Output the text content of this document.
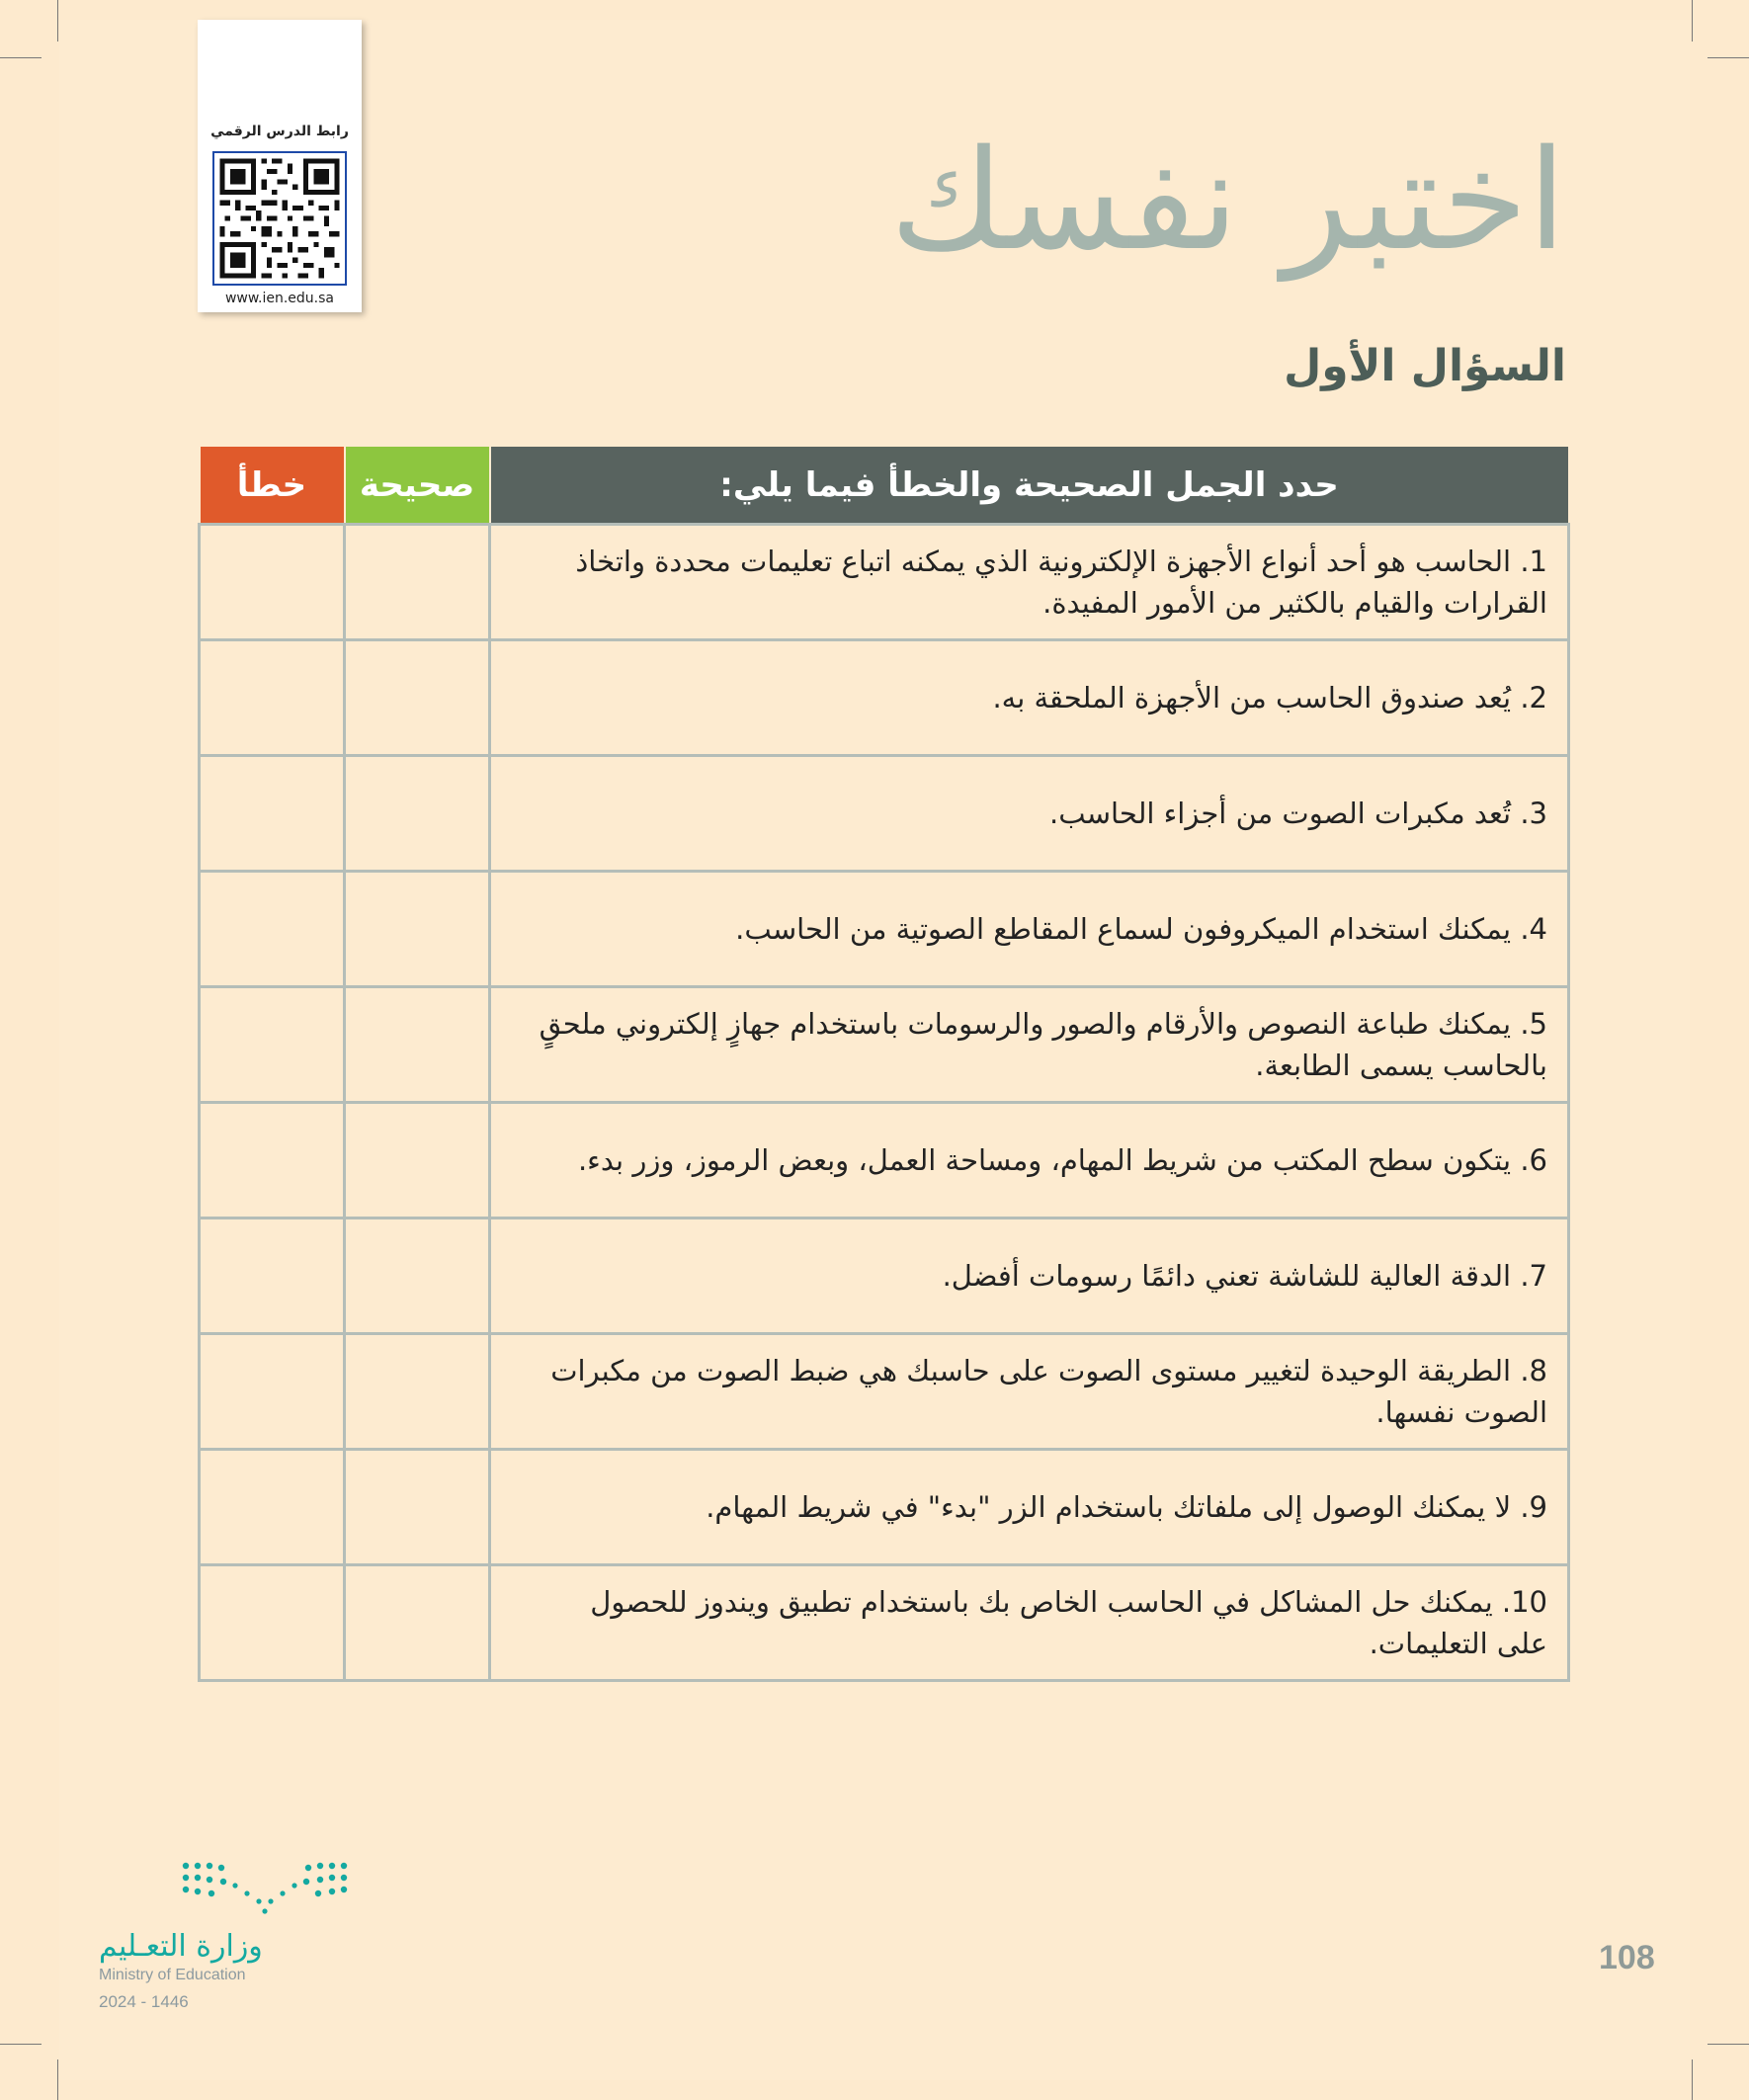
رابط الدرس الرقمي
www.ien.edu.sa
اختبر نفسك
السؤال الأول
حدد الجمل الصحيحة والخطأ فيما يلي:	صحيحة	خطأ
1. الحاسب هو أحد أنواع الأجهزة الإلكترونية الذي يمكنه اتباع تعليمات محددة واتخاذ القرارات والقيام بالكثير من الأمور المفيدة.		
2. يُعد صندوق الحاسب من الأجهزة الملحقة به.		
3. تُعد مكبرات الصوت من أجزاء الحاسب.		
4. يمكنك استخدام الميكروفون لسماع المقاطع الصوتية من الحاسب.		
5. يمكنك طباعة النصوص والأرقام والصور والرسومات باستخدام جهازٍ إلكتروني ملحقٍ بالحاسب يسمى الطابعة.		
6. يتكون سطح المكتب من شريط المهام، ومساحة العمل، وبعض الرموز، وزر بدء.		
7. الدقة العالية للشاشة تعني دائمًا رسومات أفضل.		
8. الطريقة الوحيدة لتغيير مستوى الصوت على حاسبك هي ضبط الصوت من مكبرات الصوت نفسها.		
9. لا يمكنك الوصول إلى ملفاتك باستخدام الزر "بدء" في شريط المهام.		
10. يمكنك حل المشاكل في الحاسب الخاص بك باستخدام تطبيق ويندوز للحصول على التعليمات.		
وزارة التعـليم
Ministry of Education
2024 - 1446
108
